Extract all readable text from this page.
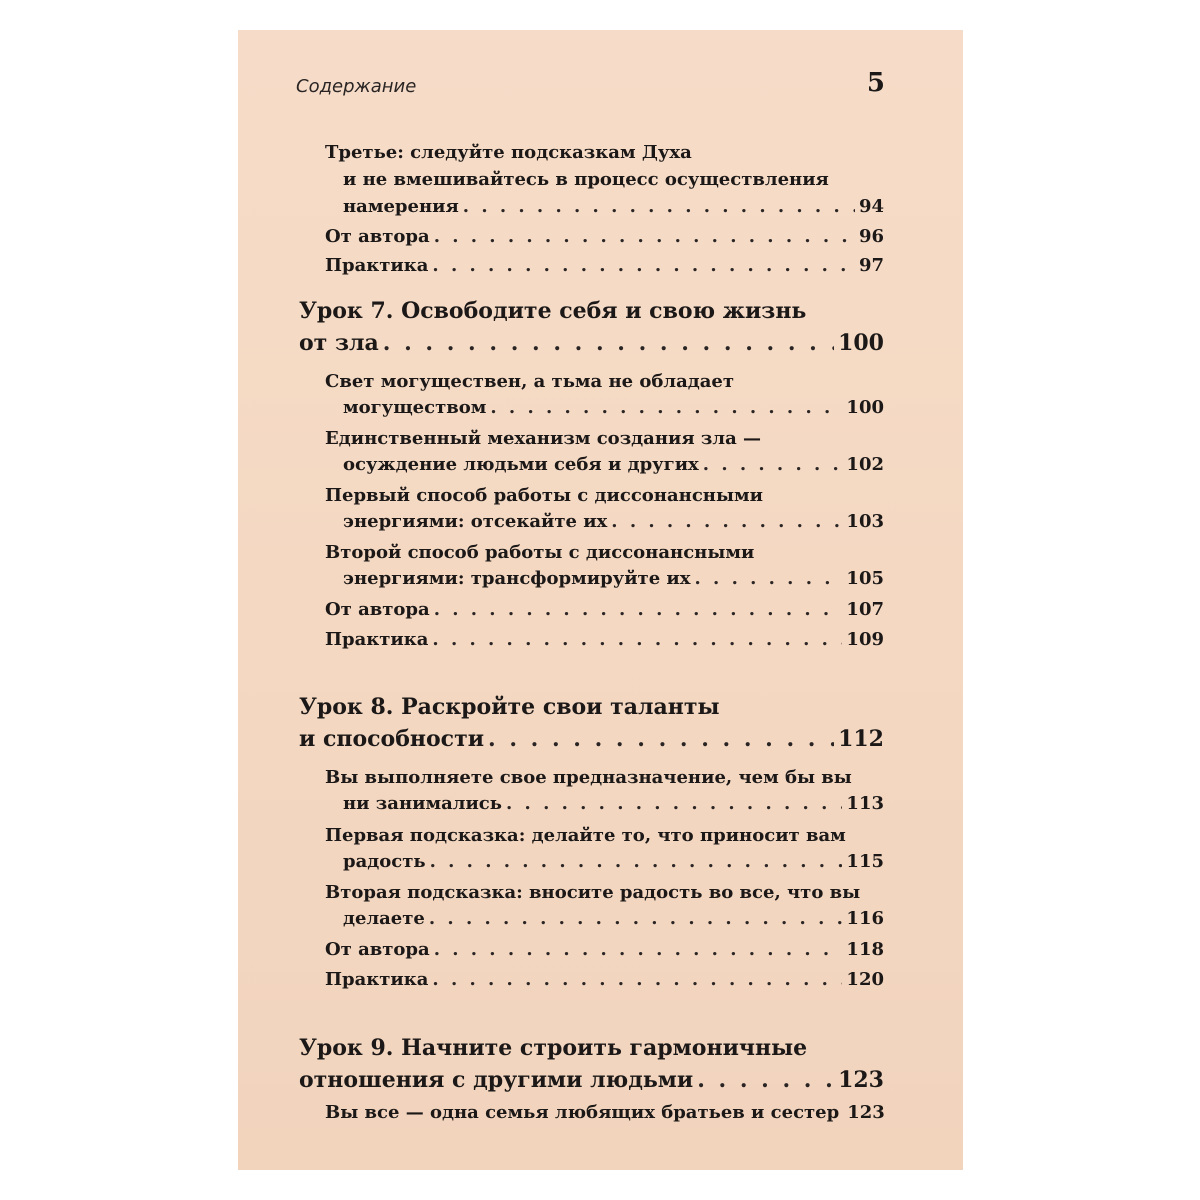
Содержание	5
Третье: следуйте подсказкам Духа
и не вмешивайтесь в процесс осуществления
намерения . . .	94
От автора . . .	96
Практика . . .	97
Урок 7. Освободите себя и свою жизнь
от зла . . .	100
Свет могуществен, а тьма не обладает
могуществом . . .	100
Единственный механизм создания зла —
осуждение людьми себя и других . . .	102
Первый способ работы с диссонансными
энергиями: отсекайте их . . .	103
Второй способ работы с диссонансными
энергиями: трансформируйте их . . .	105
От автора . . .	107
Практика . . .	109
Урок 8. Раскройте свои таланты
и способности . . .	112
Вы выполняете свое предназначение, чем бы вы
ни занимались . . .	113
Первая подсказка: делайте то, что приносит вам
радость . . .	115
Вторая подсказка: вносите радость во все, что вы
делаете . . .	116
От автора . . .	118
Практика . . .	120
Урок 9. Начните строить гармоничные
отношения с другими людьми . . .	123
Вы все — одна семья любящих братьев и сестер 123
